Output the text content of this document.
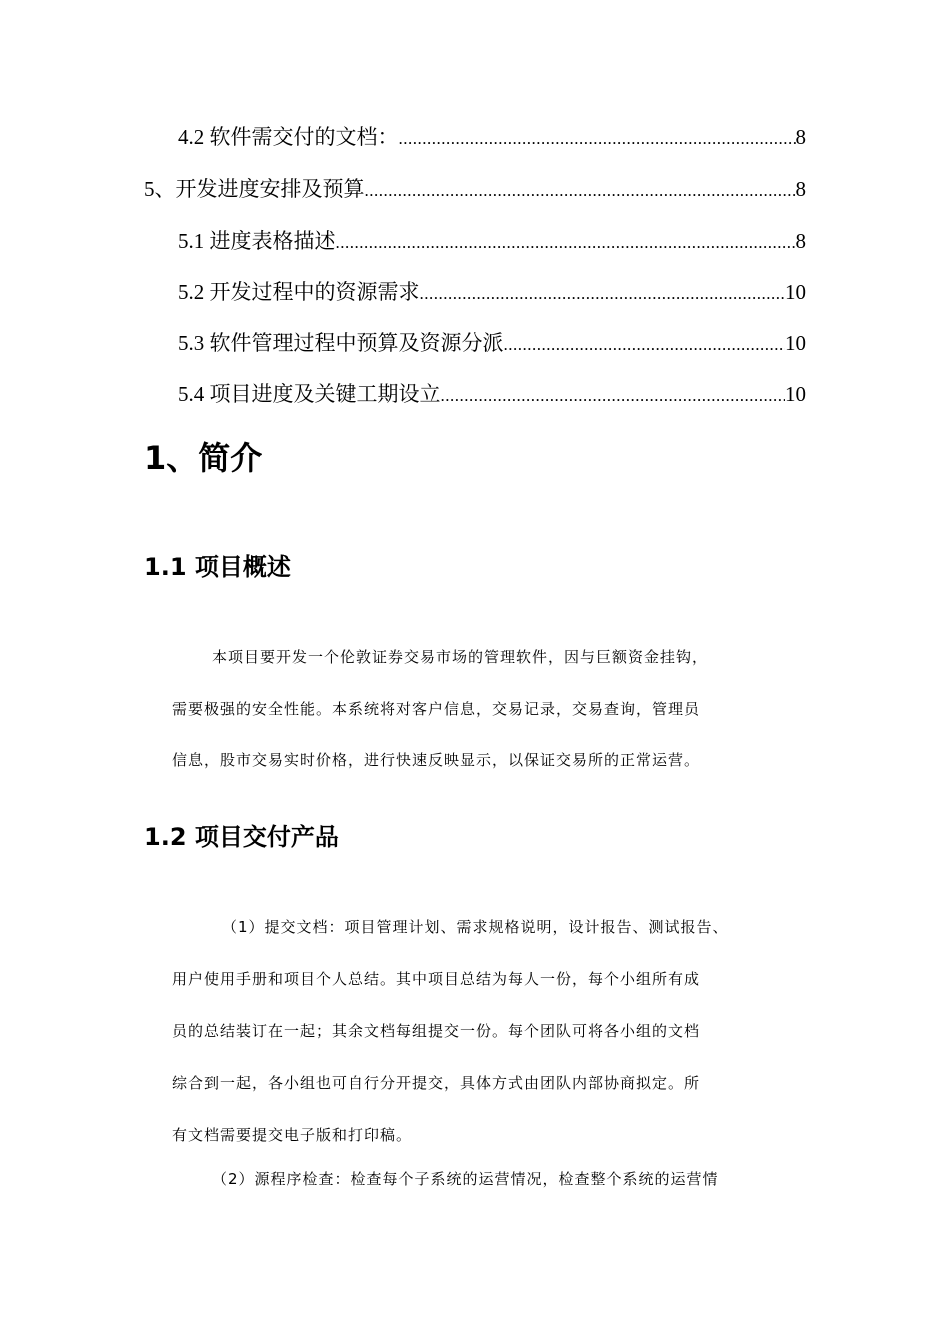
4.2 软件需交付的文档： .....	8
5、开发进度安排及预算 .....	8
5.1 进度表格描述 .....	8
5.2 开发过程中的资源需求 .....	10
5.3 软件管理过程中预算及资源分派 .....	10
5.4 项目进度及关键工期设立 .....	10
1、简介
1.1 项目概述
本项目要开发一个伦敦证券交易市场的管理软件，因与巨额资金挂钩，
需要极强的安全性能。本系统将对客户信息，交易记录，交易查询，管理员
信息，股市交易实时价格，进行快速反映显示，以保证交易所的正常运营。
1.2 项目交付产品
（1）提交文档：项目管理计划、需求规格说明，设计报告、测试报告、
用户使用手册和项目个人总结。其中项目总结为每人一份，每个小组所有成
员的总结装订在一起；其余文档每组提交一份。每个团队可将各小组的文档
综合到一起，各小组也可自行分开提交，具体方式由团队内部协商拟定。所
有文档需要提交电子版和打印稿。
（2）源程序检查：检查每个子系统的运营情况，检查整个系统的运营情
